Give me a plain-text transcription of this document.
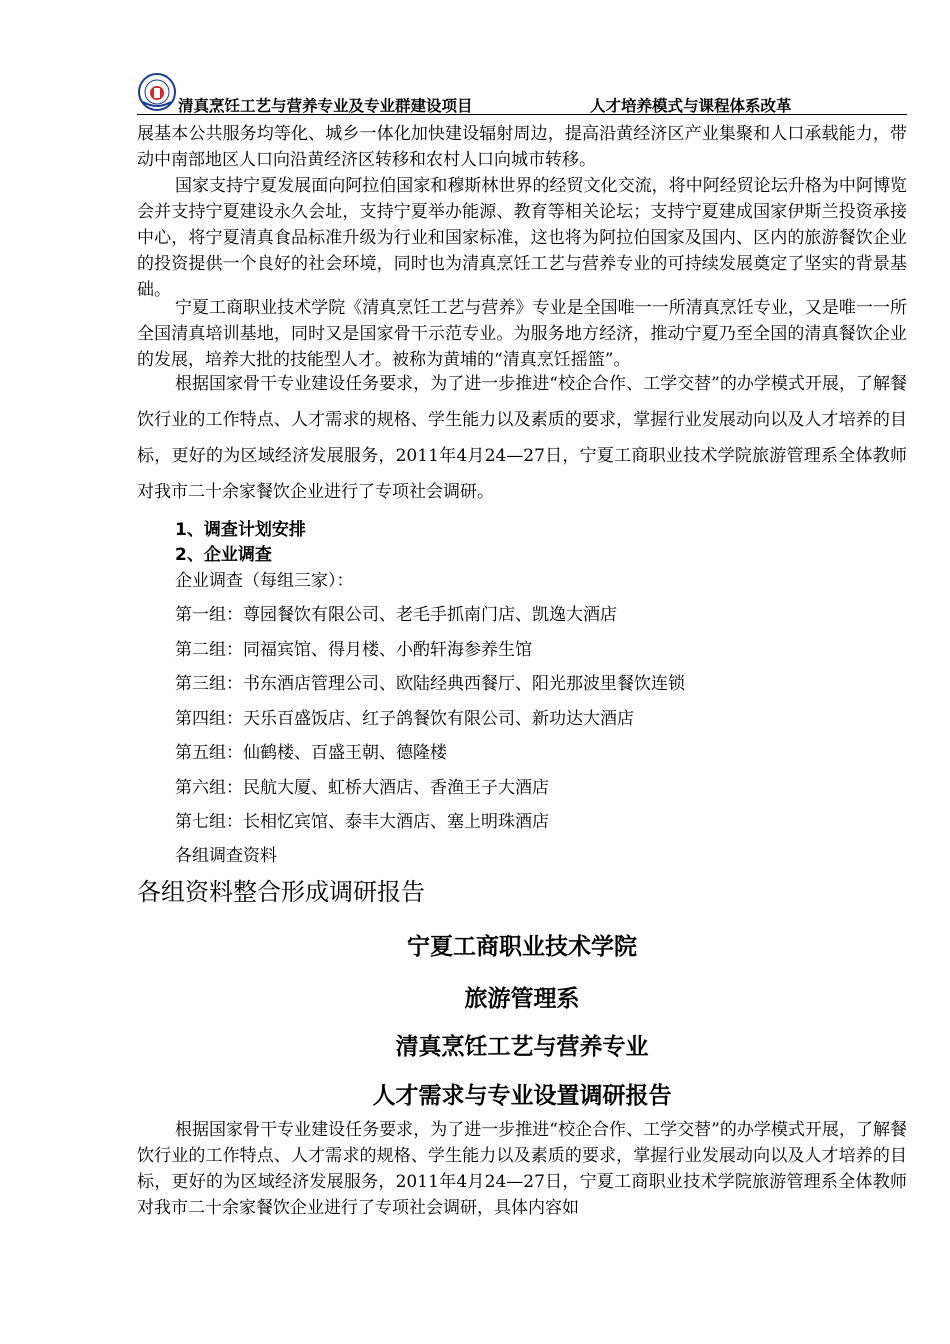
清真烹饪工艺与营养专业及专业群建设项目	人才培养模式与课程体系改革

展基本公共服务均等化、城乡一体化加快建设辐射周边，提高沿黄经济区产业集聚和人口承载能力，带动中南部地区人口向沿黄经济区转移和农村人口向城市转移。

国家支持宁夏发展面向阿拉伯国家和穆斯林世界的经贸文化交流，将中阿经贸论坛升格为中阿博览会并支持宁夏建设永久会址，支持宁夏举办能源、教育等相关论坛；支持宁夏建成国家伊斯兰投资承接中心，将宁夏清真食品标准升级为行业和国家标准，这也将为阿拉伯国家及国内、区内的旅游餐饮企业的投资提供一个良好的社会环境，同时也为清真烹饪工艺与营养专业的可持续发展奠定了坚实的背景基础。

宁夏工商职业技术学院《清真烹饪工艺与营养》专业是全国唯一一所清真烹饪专业，又是唯一一所全国清真培训基地，同时又是国家骨干示范专业。为服务地方经济，推动宁夏乃至全国的清真餐饮企业的发展，培养大批的技能型人才。被称为黄埔的“清真烹饪摇篮”。

根据国家骨干专业建设任务要求，为了进一步推进“校企合作、工学交替”的办学模式开展，了解餐饮行业的工作特点、人才需求的规格、学生能力以及素质的要求，掌握行业发展动向以及人才培养的目标，更好的为区域经济发展服务，2011年4月24—27日，宁夏工商职业技术学院旅游管理系全体教师对我市二十余家餐饮企业进行了专项社会调研。

1、调查计划安排

2、企业调查

企业调查（每组三家）：

第一组：尊园餐饮有限公司、老毛手抓南门店、凯逸大酒店

第二组：同福宾馆、得月楼、小酌轩海参养生馆

第三组：书东酒店管理公司、欧陆经典西餐厅、阳光那波里餐饮连锁

第四组：天乐百盛饭店、红子鸽餐饮有限公司、新功达大酒店

第五组：仙鹤楼、百盛王朝、德隆楼

第六组：民航大厦、虹桥大酒店、香渔王子大酒店

第七组：长相忆宾馆、泰丰大酒店、塞上明珠酒店

各组调查资料

各组资料整合形成调研报告

宁夏工商职业技术学院

旅游管理系

清真烹饪工艺与营养专业

人才需求与专业设置调研报告

根据国家骨干专业建设任务要求，为了进一步推进“校企合作、工学交替”的办学模式开展，了解餐饮行业的工作特点、人才需求的规格、学生能力以及素质的要求，掌握行业发展动向以及人才培养的目标，更好的为区域经济发展服务，2011年4月24—27日，宁夏工商职业技术学院旅游管理系全体教师对我市二十余家餐饮企业进行了专项社会调研，具体内容如
